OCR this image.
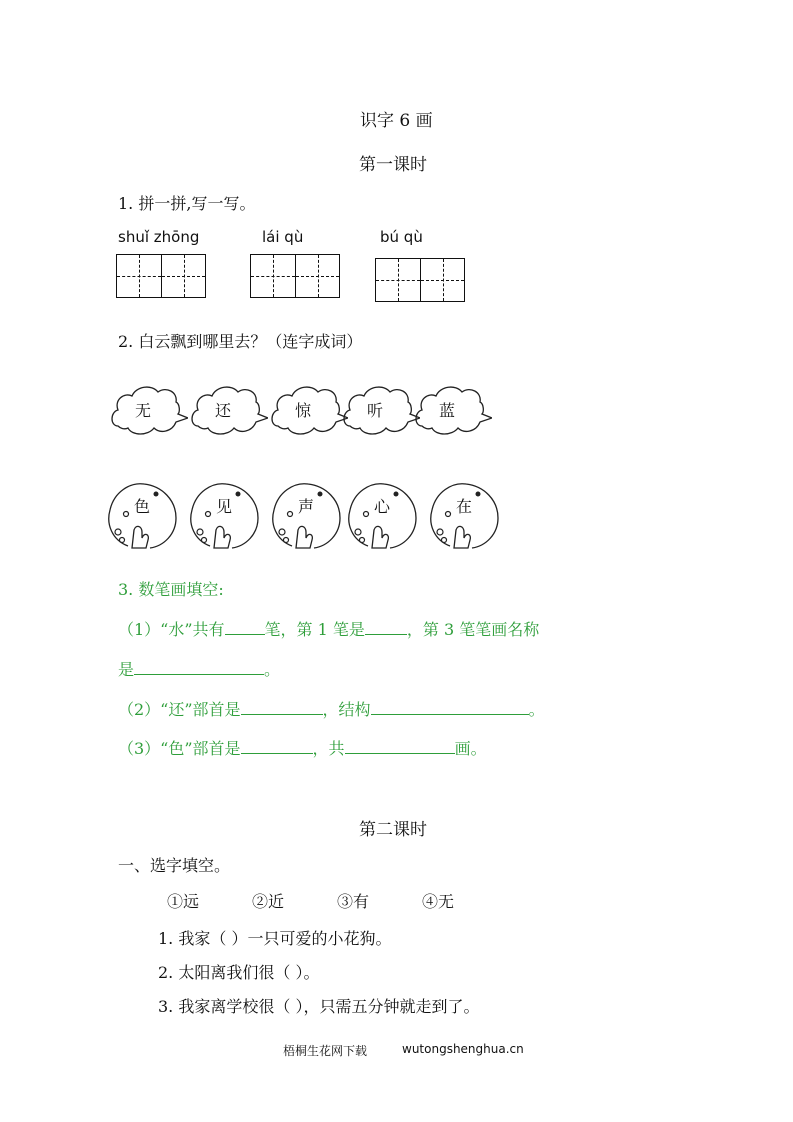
识字 6 画
第一课时
1. 拼一拼,写一写。
shuǐ zhōng	lái qù	bú qù
2. 白云飘到哪里去？（连字成词）
无	还	惊	听	蓝
色	见	声	心	在
3. 数笔画填空:
（1）“水”共有	笔，第 1 笔是	，第 3 笔笔画名称
是	。
（2）“还”部首是	，结构	。
（3）“色”部首是	，共	画。
第二课时
一、选字填空。
①远	②近	③有	④无
1. 我家（ ）一只可爱的小花狗。
2. 太阳离我们很（ ）。
3. 我家离学校很（ ），只需五分钟就走到了。
梧桐生花网下载	wutongshenghua.cn
